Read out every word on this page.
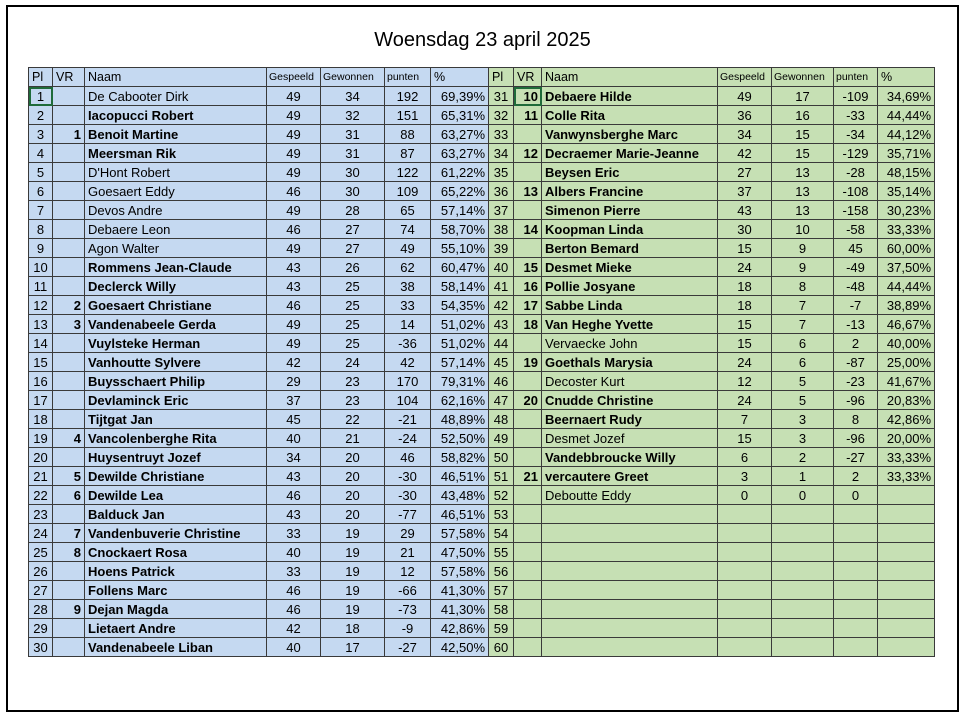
Woensdag 23 april 2025
Pl	VR	Naam	Gespeeld	Gewonnen	punten	%
1		De Cabooter Dirk	49	34	192	69,39%
2		Iacopucci Robert	49	32	151	65,31%
3	1	Benoit Martine	49	31	88	63,27%
4		Meersman Rik	49	31	87	63,27%
5		D'Hont Robert	49	30	122	61,22%
6		Goesaert Eddy	46	30	109	65,22%
7		Devos Andre	49	28	65	57,14%
8		Debaere Leon	46	27	74	58,70%
9		Agon Walter	49	27	49	55,10%
10		Rommens Jean-Claude	43	26	62	60,47%
11		Declerck Willy	43	25	38	58,14%
12	2	Goesaert Christiane	46	25	33	54,35%
13	3	Vandenabeele Gerda	49	25	14	51,02%
14		Vuylsteke Herman	49	25	-36	51,02%
15		Vanhoutte Sylvere	42	24	42	57,14%
16		Buysschaert Philip	29	23	170	79,31%
17		Devlaminck Eric	37	23	104	62,16%
18		Tijtgat Jan	45	22	-21	48,89%
19	4	Vancolenberghe Rita	40	21	-24	52,50%
20		Huysentruyt Jozef	34	20	46	58,82%
21	5	Dewilde Christiane	43	20	-30	46,51%
22	6	Dewilde Lea	46	20	-30	43,48%
23		Balduck Jan	43	20	-77	46,51%
24	7	Vandenbuverie Christine	33	19	29	57,58%
25	8	Cnockaert Rosa	40	19	21	47,50%
26		Hoens Patrick	33	19	12	57,58%
27		Follens Marc	46	19	-66	41,30%
28	9	Dejan Magda	46	19	-73	41,30%
29		Lietaert Andre	42	18	-9	42,86%
30		Vandenabeele Liban	40	17	-27	42,50%
Pl	VR	Naam	Gespeeld	Gewonnen	punten	%
31	10	Debaere Hilde	49	17	-109	34,69%
32	11	Colle Rita	36	16	-33	44,44%
33		Vanwynsberghe Marc	34	15	-34	44,12%
34	12	Decraemer Marie-Jeanne	42	15	-129	35,71%
35		Beysen Eric	27	13	-28	48,15%
36	13	Albers Francine	37	13	-108	35,14%
37		Simenon Pierre	43	13	-158	30,23%
38	14	Koopman Linda	30	10	-58	33,33%
39		Berton Bemard	15	9	45	60,00%
40	15	Desmet Mieke	24	9	-49	37,50%
41	16	Pollie Josyane	18	8	-48	44,44%
42	17	Sabbe Linda	18	7	-7	38,89%
43	18	Van Heghe Yvette	15	7	-13	46,67%
44		Vervaecke John	15	6	2	40,00%
45	19	Goethals Marysia	24	6	-87	25,00%
46		Decoster Kurt	12	5	-23	41,67%
47	20	Cnudde Christine	24	5	-96	20,83%
48		Beernaert Rudy	7	3	8	42,86%
49		Desmet Jozef	15	3	-96	20,00%
50		Vandebbroucke Willy	6	2	-27	33,33%
51	21	vercautere Greet	3	1	2	33,33%
52		Deboutte Eddy	0	0	0	
53						
54						
55						
56						
57						
58						
59						
60						
